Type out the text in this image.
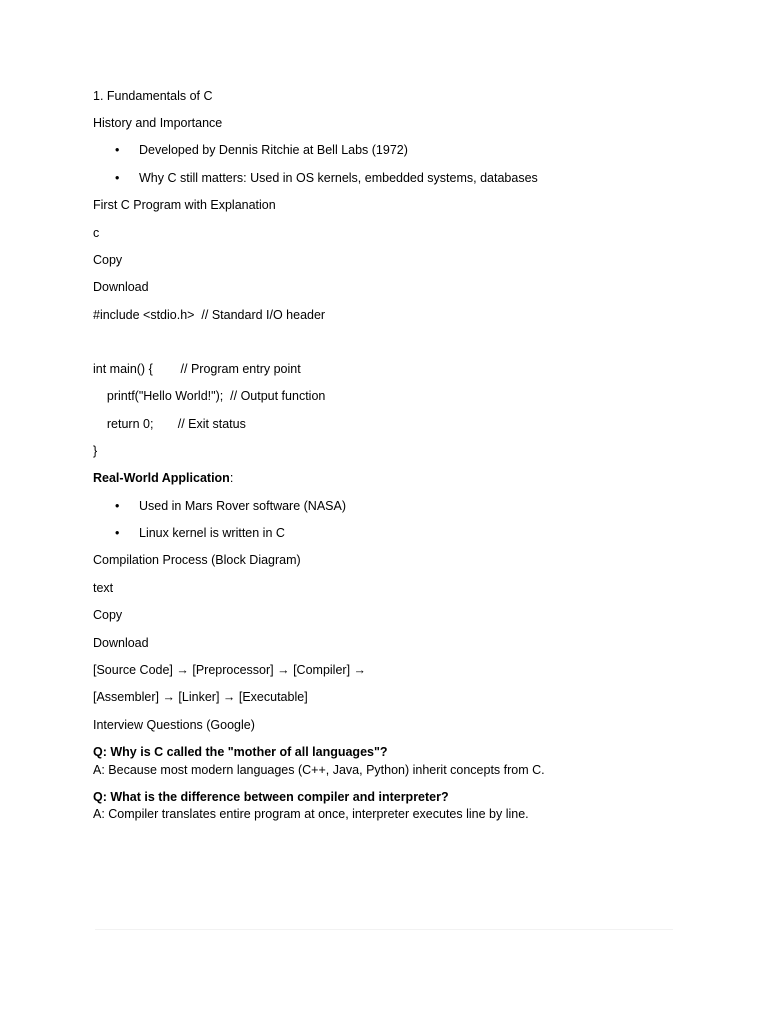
1. Fundamentals of C
History and Importance
• Developed by Dennis Ritchie at Bell Labs (1972)
• Why C still matters: Used in OS kernels, embedded systems, databases
First C Program with Explanation
c
Copy
Download
#include <stdio.h>  // Standard I/O header
int main() {        // Program entry point
printf("Hello World!");  // Output function
return 0;       // Exit status
}
Real-World Application:
• Used in Mars Rover software (NASA)
• Linux kernel is written in C
Compilation Process (Block Diagram)
text
Copy
Download
[Source Code] → [Preprocessor] → [Compiler] →
[Assembler] → [Linker] → [Executable]
Interview Questions (Google)
Q: Why is C called the "mother of all languages"?
A: Because most modern languages (C++, Java, Python) inherit concepts from C.
Q: What is the difference between compiler and interpreter?
A: Compiler translates entire program at once, interpreter executes line by line.
